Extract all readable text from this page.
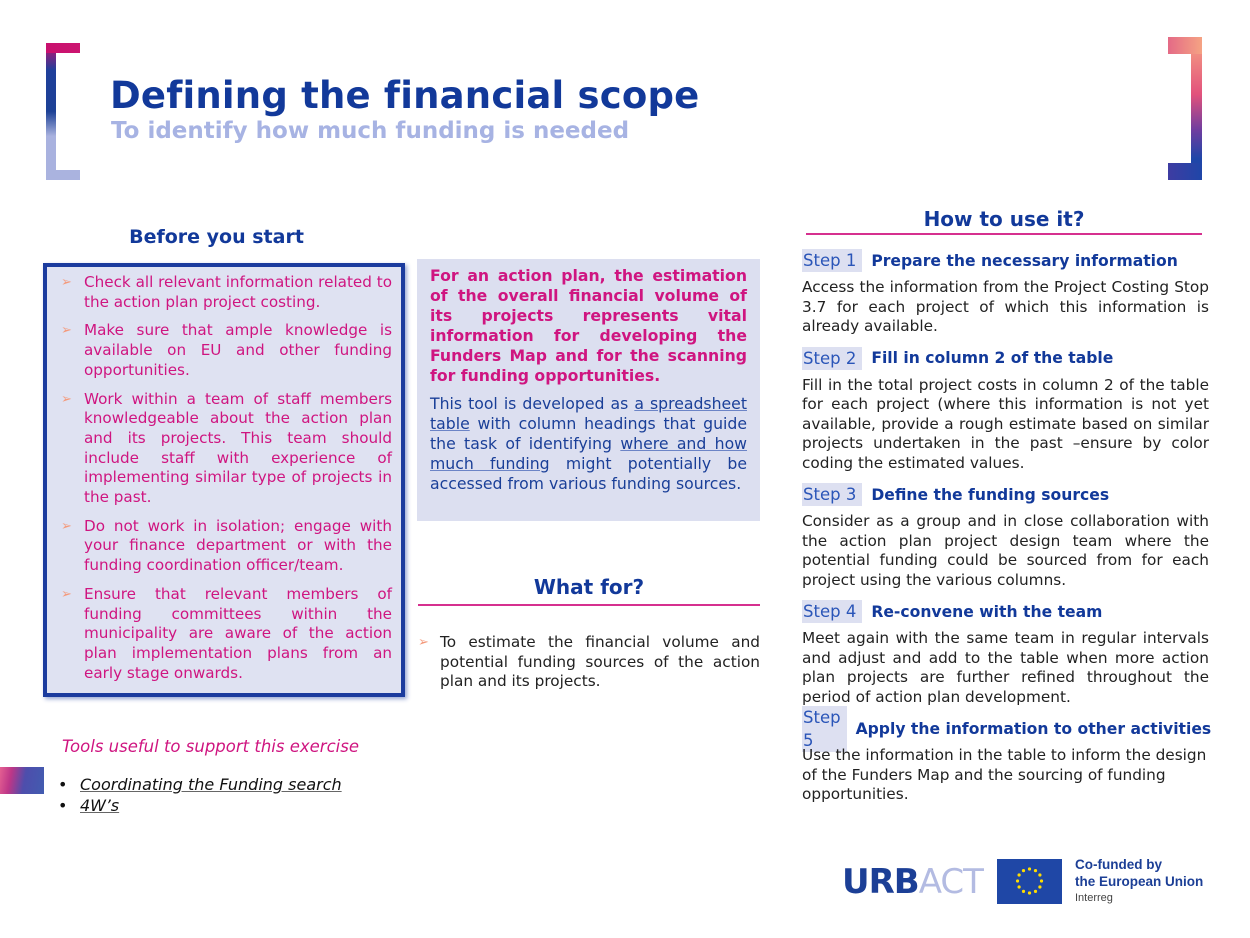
Defining the financial scope
To identify how much funding is needed
Before you start
➢ Check all relevant information related to the action plan project costing.
➢ Make sure that ample knowledge is available on EU and other funding opportunities.
➢ Work within a team of staff members knowledgeable about the action plan and its projects. This team should include staff with experience of implementing similar type of projects in the past.
➢ Do not work in isolation; engage with your finance department or with the funding coordination officer/team.
➢ Ensure that relevant members of funding committees within the municipality are aware of the action plan implementation plans from an early stage onwards.
Tools useful to support this exercise
• Coordinating the Funding search
• 4W’s

For an action plan, the estimation of the overall financial volume of its projects represents vital information for developing the Funders Map and for the scanning for funding opportunities.

This tool is developed as a spreadsheet table with column headings that guide the task of identifying where and how much funding might potentially be accessed from various funding sources.

What for?
➢ To estimate the financial volume and potential funding sources of the action plan and its projects.
How to use it?
Step 1 Prepare the necessary information

Access the information from the Project Costing Stop 3.7 for each project of which this information is already available.

Step 2 Fill in column 2 of the table

Fill in the total project costs in column 2 of the table for each project (where this information is not yet available, provide a rough estimate based on similar projects undertaken in the past –ensure by color coding the estimated values.

Step 3 Define the funding sources

Consider as a group and in close collaboration with the action plan project design team where the potential funding could be sourced from for each project using the various columns.

Step 4 Re-convene with the team

Meet again with the same team in regular intervals and adjust and add to the table when more action plan projects are further refined throughout the period of action plan development.

Step 5
Apply the information to other activities

Use the information in the table to inform the design of the Funders Map and the sourcing of funding opportunities.

URBACT	Co-funded by
the European Union
Interreg
